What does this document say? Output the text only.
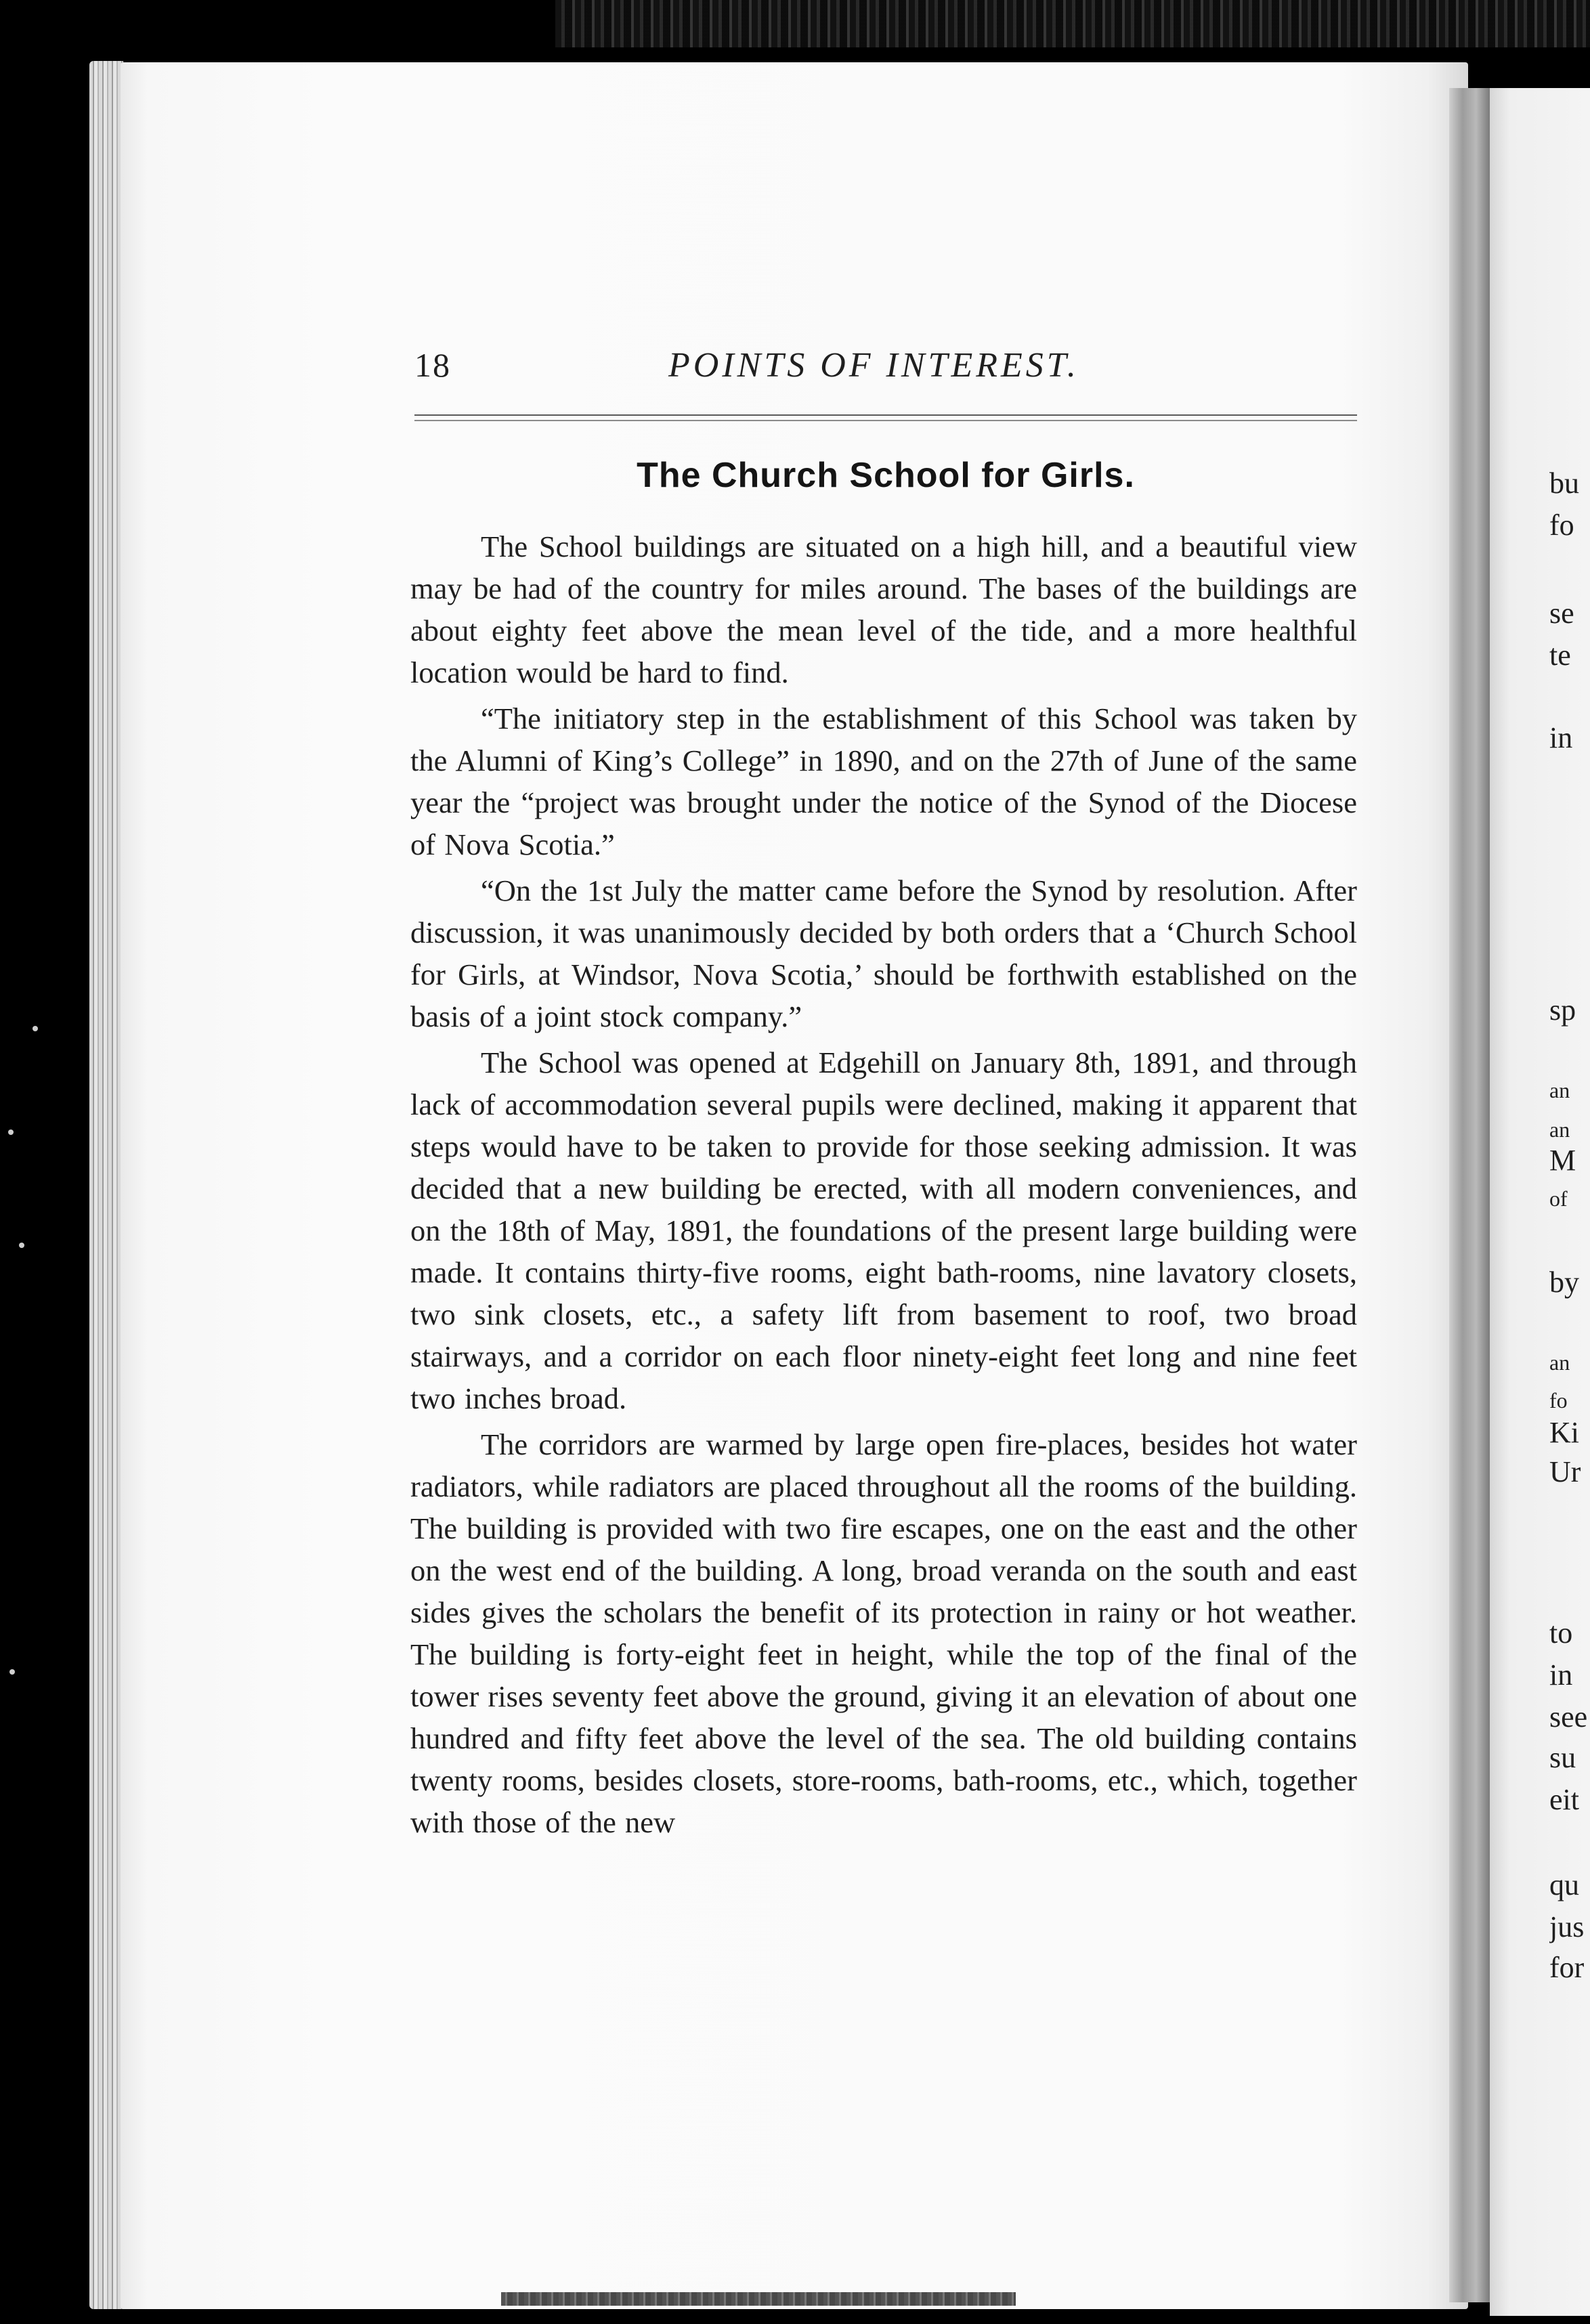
18	POINTS OF INTEREST.
The Church School for Girls.

The School buildings are situated on a high hill, and a beautiful view may be had of the country for miles around. The bases of the buildings are about eighty feet above the mean level of the tide, and a more healthful location would be hard to find.

“The initiatory step in the establishment of this School was taken by the Alumni of King’s College” in 1890, and on the 27th of June of the same year the “project was brought under the notice of the Synod of the Diocese of Nova Scotia.”

“On the 1st July the matter came before the Synod by resolution. After discussion, it was unanimously decided by both orders that a ‘Church School for Girls, at Windsor, Nova Scotia,’ should be forthwith established on the basis of a joint stock company.”

The School was opened at Edgehill on January 8th, 1891, and through lack of accommodation several pupils were declined, making it apparent that steps would have to be taken to provide for those seeking admission. It was decided that a new building be erected, with all modern conveniences, and on the 18th of May, 1891, the foundations of the present large building were made. It contains thirty-five rooms, eight bath-rooms, nine lavatory closets, two sink closets, etc., a safety lift from basement to roof, two broad stairways, and a corridor on each floor ninety-eight feet long and nine feet two inches broad.

The corridors are warmed by large open fire-places, besides hot water radiators, while radiators are placed throughout all the rooms of the building. The building is provided with two fire escapes, one on the east and the other on the west end of the building. A long, broad veranda on the south and east sides gives the scholars the benefit of its protection in rainy or hot weather. The building is forty-eight feet in height, while the top of the final of the tower rises seventy feet above the ground, giving it an elevation of about one hundred and fifty feet above the level of the sea. The old building contains twenty rooms, besides closets, store-rooms, bath-rooms, etc., which, together with those of the new

bu
fo
se
te
in
sp
an
an
M
of
by
an
fo
Ki
Ur
to
in
see
su
eit
qu
jus
for
